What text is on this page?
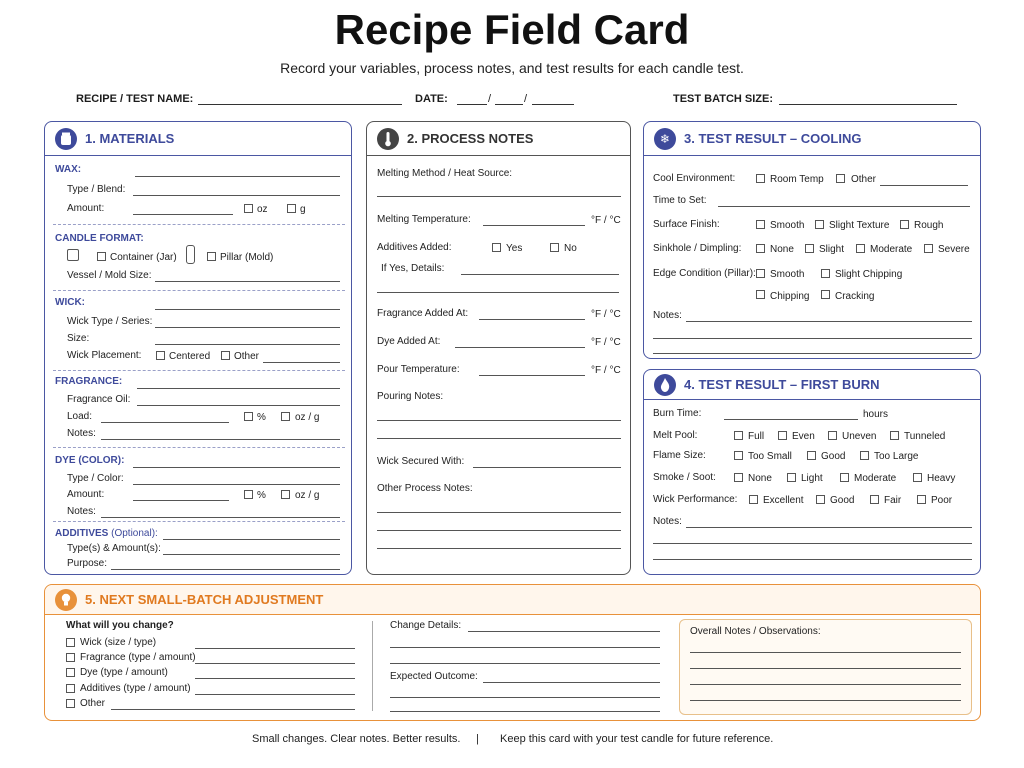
Recipe Field Card
Record your variables, process notes, and test results for each candle test.
RECIPE / TEST NAME:	DATE:	/	/	TEST BATCH SIZE:
1. MATERIALS
WAX:
Type / Blend:
Amount:	oz	g
CANDLE FORMAT:
Container (Jar)	Pillar (Mold)
Vessel / Mold Size:
WICK:
Wick Type / Series:
Size:
Wick Placement:	Centered Other
FRAGRANCE:
Fragrance Oil:
Load:	%	oz / g
Notes:
DYE (COLOR):
Type / Color:
Amount:	%	oz / g
Notes:
ADDITIVES (Optional):
Type(s) & Amount(s):
Purpose:
2. PROCESS NOTES
Melting Method / Heat Source:
Melting Temperature:	°F / °C
Additives Added:	Yes	No
If Yes, Details:
Fragrance Added At:	°F / °C
Dye Added At:	°F / °C
Pour Temperature:	°F / °C
Pouring Notes:
Wick Secured With:
Other Process Notes:
❄	3. TEST RESULT – COOLING
Cool Environment:	Room Temp	Other
Time to Set:
Surface Finish:	Smooth Slight Texture Rough
Sinkhole / Dimpling:	None	Slight	Moderate	Severe
Edge Condition (Pillar): Smooth	Slight Chipping
Chipping	Cracking
Notes:
4. TEST RESULT – FIRST BURN
Burn Time:	hours
Melt Pool:	Full	Even	Uneven	Tunneled
Flame Size:	Too Small	Good	Too Large
Smoke / Soot:	None	Light	Moderate	Heavy
Wick Performance:	Excellent	Good	Fair	Poor
Notes:
5. NEXT SMALL-BATCH ADJUSTMENT
What will you change?
Wick (size / type)
Fragrance (type / amount)
Dye (type / amount)
Additives (type / amount)
Other
Change Details:
Expected Outcome:
Overall Notes / Observations:
Small changes. Clear notes. Better results. | Keep this card with your test candle for future reference.
